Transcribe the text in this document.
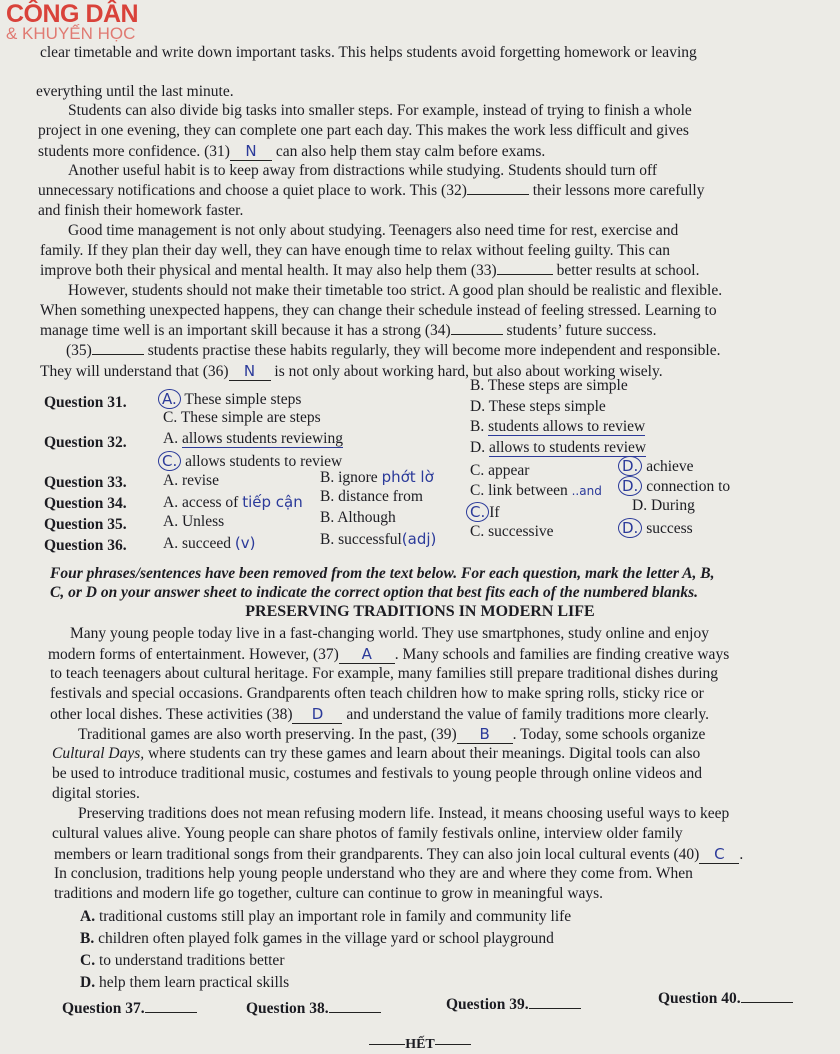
CÔNG DÂN
& KHUYẾN HỌC
clear timetable and write down important tasks. This helps students avoid forgetting homework or leaving
everything until the last minute.
Students can also divide big tasks into smaller steps. For example, instead of trying to finish a whole
project in one evening, they can complete one part each day. This makes the work less difficult and gives
students more confidence. (31) N can also help them stay calm before exams.
Another useful habit is to keep away from distractions while studying. Students should turn off
unnecessary notifications and choose a quiet place to work. This (32)	their lessons more carefully
and finish their homework faster.
Good time management is not only about studying. Teenagers also need time for rest, exercise and
family. If they plan their day well, they can have enough time to relax without feeling guilty. This can
improve both their physical and mental health. It may also help them (33)	better results at school.
However, students should not make their timetable too strict. A good plan should be realistic and flexible.
When something unexpected happens, they can change their schedule instead of feeling stressed. Learning to
manage time well is an important skill because it has a strong (34)	students’ future success.
(35)	students practise these habits regularly, they will become more independent and responsible.
They will understand that (36) N is not only about working hard, but also about working wisely.
Question 31. A. These simple steps
B. These steps are simple
C. These simple are steps
D. These steps simple
Question 32. A. allows students reviewing
B. students allows to review
C. allows students to review
D. allows to students review
Question 33. A. revise	B. ignore phớt lờ C. appear	D. achieve
Question 34. A. access of tiếp cận B. distance from	C. link between ..and D. connection to
Question 35. A. Unless	B. Although	C. If	D. During
Question 36. A. succeed (v)	B. successful(adj) C. successive	D. success
Four phrases/sentences have been removed from the text below. For each question, mark the letter A, B,
C, or D on your answer sheet to indicate the correct option that best fits each of the numbered blanks.
PRESERVING TRADITIONS IN MODERN LIFE
Many young people today live in a fast-changing world. They use smartphones, study online and enjoy
modern forms of entertainment. However, (37) A . Many schools and families are finding creative ways
to teach teenagers about cultural heritage. For example, many families still prepare traditional dishes during
festivals and special occasions. Grandparents often teach children how to make spring rolls, sticky rice or
other local dishes. These activities (38) D and understand the value of family traditions more clearly.
Traditional games are also worth preserving. In the past, (39) B . Today, some schools organize
Cultural Days, where students can try these games and learn about their meanings. Digital tools can also
be used to introduce traditional music, costumes and festivals to young people through online videos and
digital stories.
Preserving traditions does not mean refusing modern life. Instead, it means choosing useful ways to keep
cultural values alive. Young people can share photos of family festivals online, interview older family
members or learn traditional songs from their grandparents. They can also join local cultural events (40) C .
In conclusion, traditions help young people understand who they are and where they come from. When
traditions and modern life go together, culture can continue to grow in meaningful ways.
A. traditional customs still play an important role in family and community life
B. children often played folk games in the village yard or school playground
C. to understand traditions better
D. help them learn practical skills
Question 37.	Question 38.	Question 39.	Question 40.
HẾT
